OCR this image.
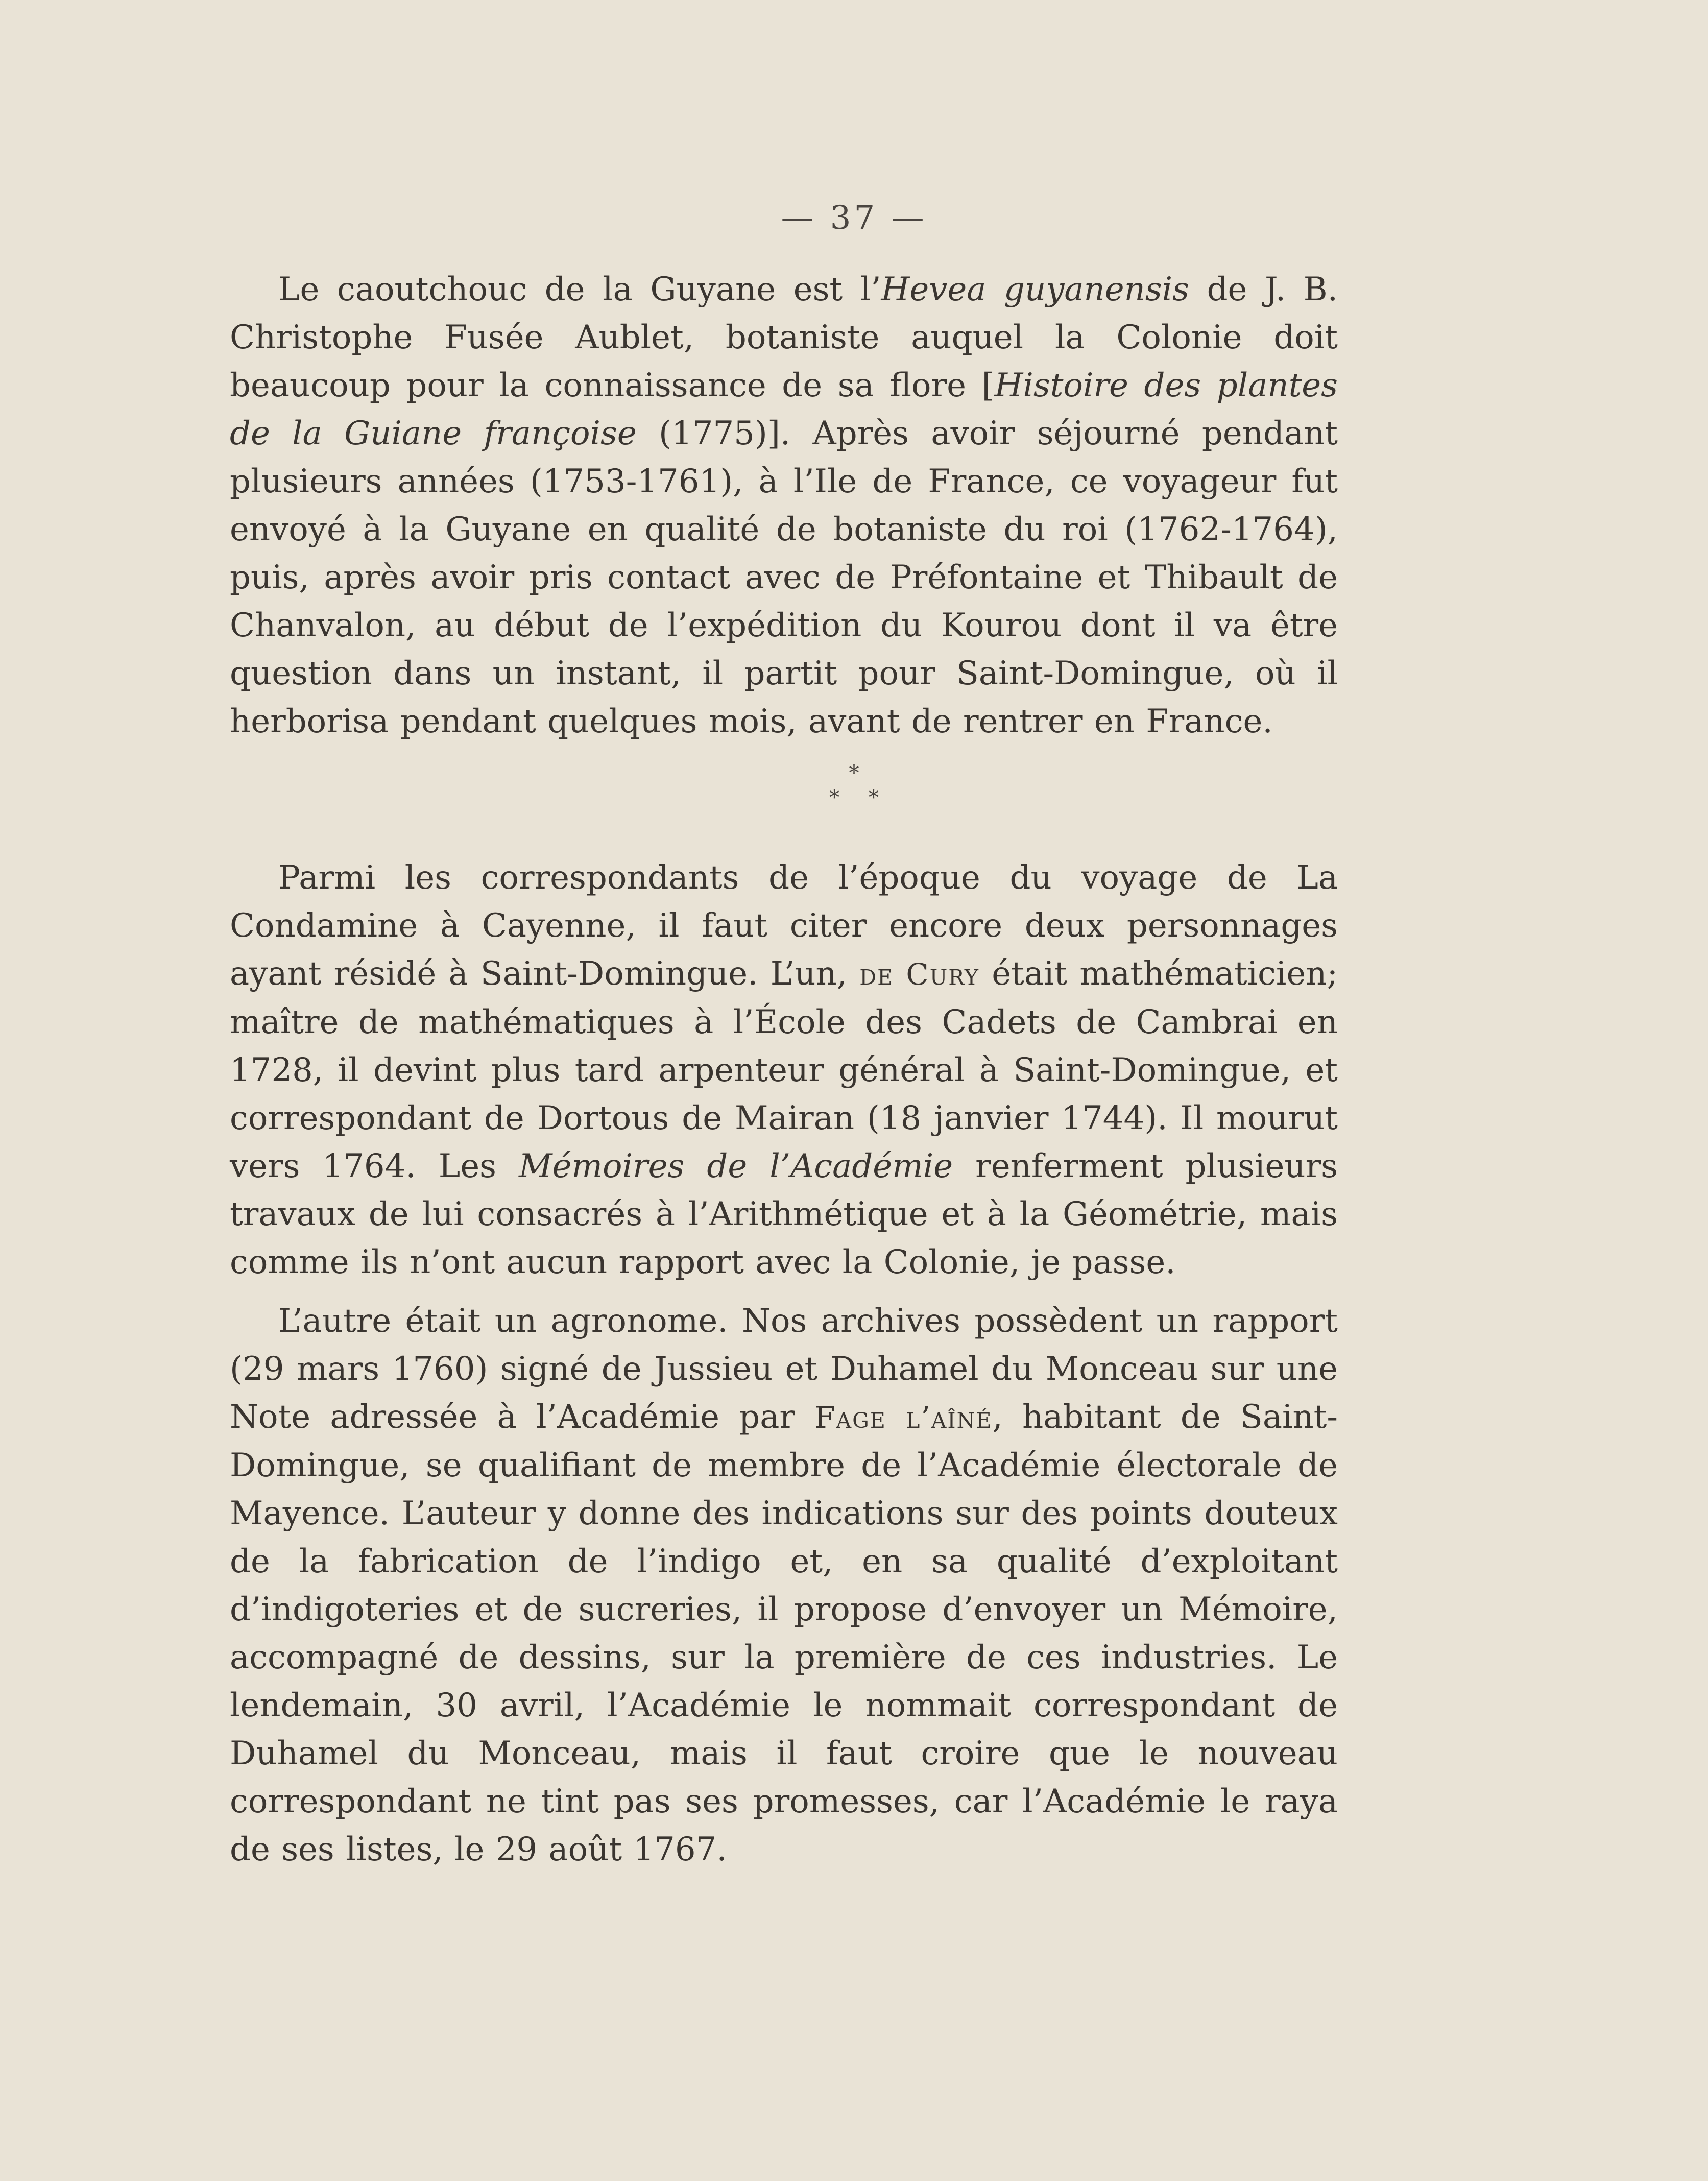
— 37 —

Le caoutchouc de la Guyane est l’Hevea guyanensis de J. B. Christophe Fusée Aublet, botaniste auquel la Colonie doit beaucoup pour la connaissance de sa flore [Histoire des plantes de la Guiane françoise (1775)]. Après avoir séjourné pendant plusieurs années (1753-1761), à l’Ile de France, ce voyageur fut envoyé à la Guyane en qualité de botaniste du roi (1762-1764), puis, après avoir pris contact avec de Préfontaine et Thibault de Chanvalon, au début de l’expédition du Kourou dont il va être question dans un instant, il partit pour Saint-Domingue, où il herborisa pendant quelques mois, avant de rentrer en France.

*
* *

Parmi les correspondants de l’époque du voyage de La Condamine à Cayenne, il faut citer encore deux personnages ayant résidé à Saint-Domingue. L’un, de Cury était mathématicien; maître de mathématiques à l’École des Cadets de Cambrai en 1728, il devint plus tard arpenteur général à Saint-Domingue, et correspondant de Dortous de Mairan (18 janvier 1744). Il mourut vers 1764. Les Mémoires de l’Académie renferment plusieurs travaux de lui consacrés à l’Arithmétique et à la Géométrie, mais comme ils n’ont aucun rapport avec la Colonie, je passe.

L’autre était un agronome. Nos archives possèdent un rapport (29 mars 1760) signé de Jussieu et Duhamel du Monceau sur une Note adressée à l’Académie par Fage l’aîné, habitant de Saint-Domingue, se qualifiant de membre de l’Académie électorale de Mayence. L’auteur y donne des indications sur des points douteux de la fabrication de l’indigo et, en sa qualité d’exploitant d’indigoteries et de sucreries, il propose d’envoyer un Mémoire, accompagné de dessins, sur la première de ces industries. Le lendemain, 30 avril, l’Académie le nommait correspondant de Duhamel du Monceau, mais il faut croire que le nouveau correspondant ne tint pas ses promesses, car l’Académie le raya de ses listes, le 29 août 1767.
